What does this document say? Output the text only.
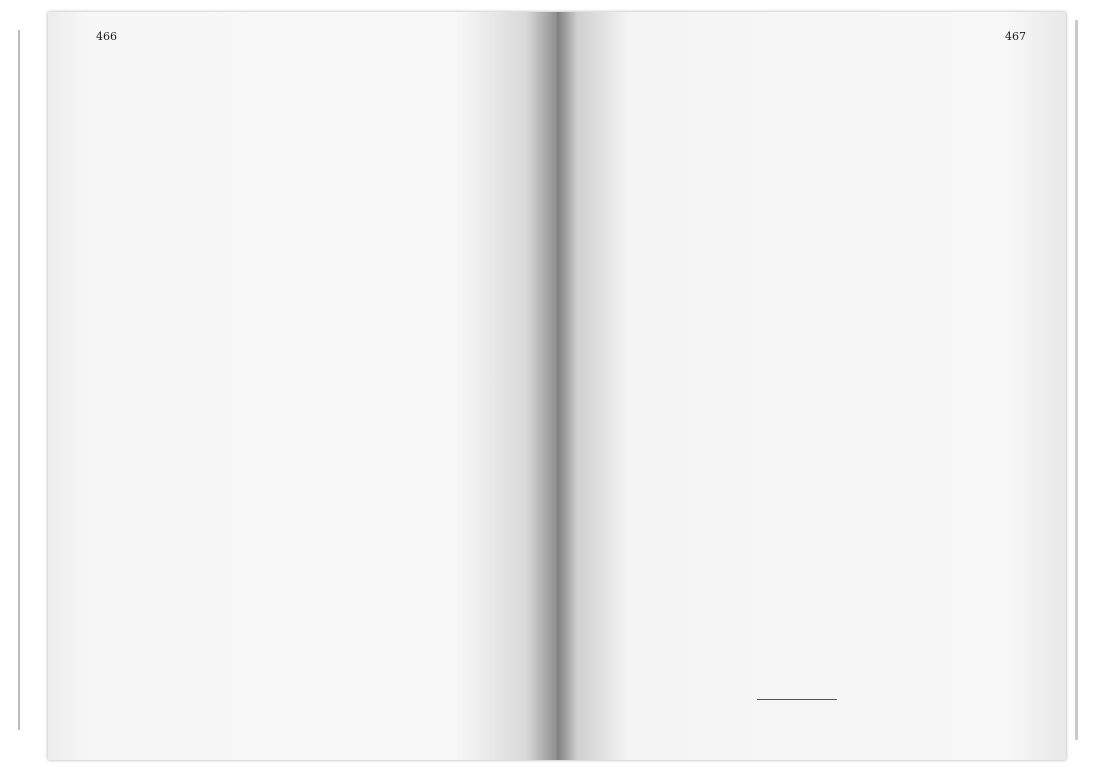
466	467
